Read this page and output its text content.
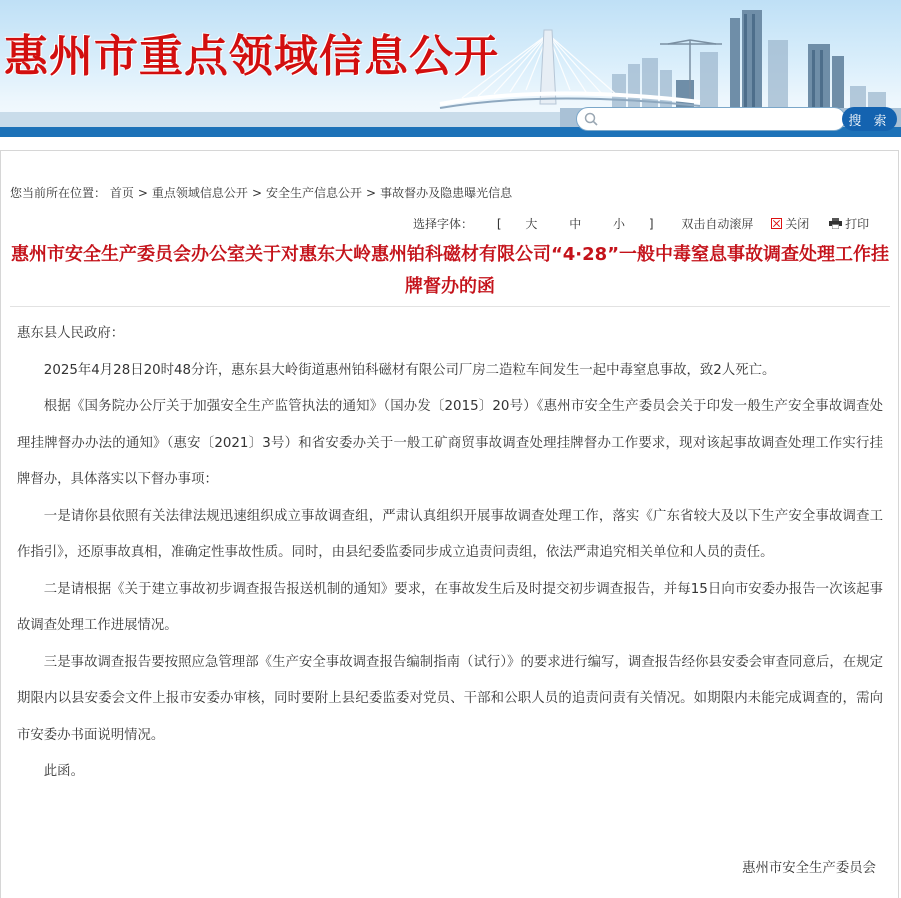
惠州市重点领域信息公开
搜 索
您当前所在位置： 首页 > 重点领域信息公开 > 安全生产信息公开 > 事故督办及隐患曝光信息
选择字体： [ 大	中	小 ] 双击自动滚屏	关闭	打印
惠州市安全生产委员会办公室关于对惠东大岭惠州铂科磁材有限公司“4·28”一般中毒窒息事故调查处理工作挂牌督办的函

惠东县人民政府：

2025年4月28日20时48分许，惠东县大岭街道惠州铂科磁材有限公司厂房二造粒车间发生一起中毒窒息事故，致2人死亡。

根据《国务院办公厅关于加强安全生产监管执法的通知》（国办发〔2015〕20号）《惠州市安全生产委员会关于印发一般生产安全事故调查处理挂牌督办办法的通知》（惠安〔2021〕3号）和省安委办关于一般工矿商贸事故调查处理挂牌督办工作要求，现对该起事故调查处理工作实行挂牌督办，具体落实以下督办事项：

一是请你县依照有关法律法规迅速组织成立事故调查组，严肃认真组织开展事故调查处理工作，落实《广东省较大及以下生产安全事故调查工作指引》，还原事故真相，准确定性事故性质。同时，由县纪委监委同步成立追责问责组，依法严肃追究相关单位和人员的责任。

二是请根据《关于建立事故初步调查报告报送机制的通知》要求，在事故发生后及时提交初步调查报告，并每15日向市安委办报告一次该起事故调查处理工作进展情况。

三是事故调查报告要按照应急管理部《生产安全事故调查报告编制指南（试行）》的要求进行编写，调查报告经你县安委会审查同意后，在规定期限内以县安委会文件上报市安委办审核，同时要附上县纪委监委对党员、干部和公职人员的追责问责有关情况。如期限内未能完成调查的，需向市安委办书面说明情况。

此函。

惠州市安全生产委员会
